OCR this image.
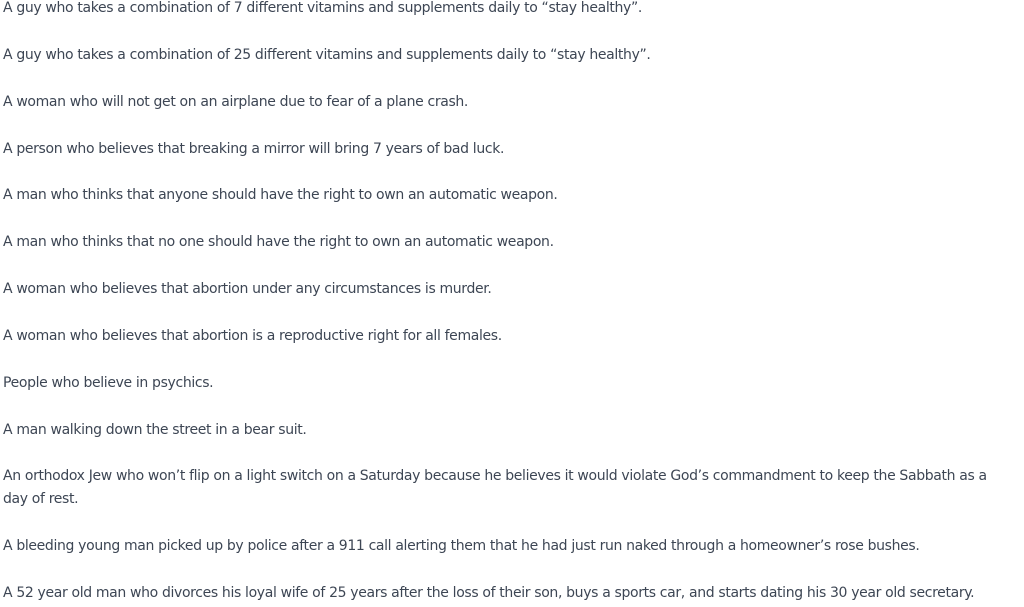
A guy who takes a combination of 7 different vitamins and supplements daily to “stay healthy”.

A guy who takes a combination of 25 different vitamins and supplements daily to “stay healthy”.

A woman who will not get on an airplane due to fear of a plane crash.

A person who believes that breaking a mirror will bring 7 years of bad luck.

A man who thinks that anyone should have the right to own an automatic weapon.

A man who thinks that no one should have the right to own an automatic weapon.

A woman who believes that abortion under any circumstances is murder.

A woman who believes that abortion is a reproductive right for all females.

People who believe in psychics.

A man walking down the street in a bear suit.

An orthodox Jew who won’t flip on a light switch on a Saturday because he believes it would violate God’s commandment to keep the Sabbath as a day of rest.

A bleeding young man picked up by police after a 911 call alerting them that he had just run naked through a homeowner’s rose bushes.

A 52 year old man who divorces his loyal wife of 25 years after the loss of their son, buys a sports car, and starts dating his 30 year old secretary.
